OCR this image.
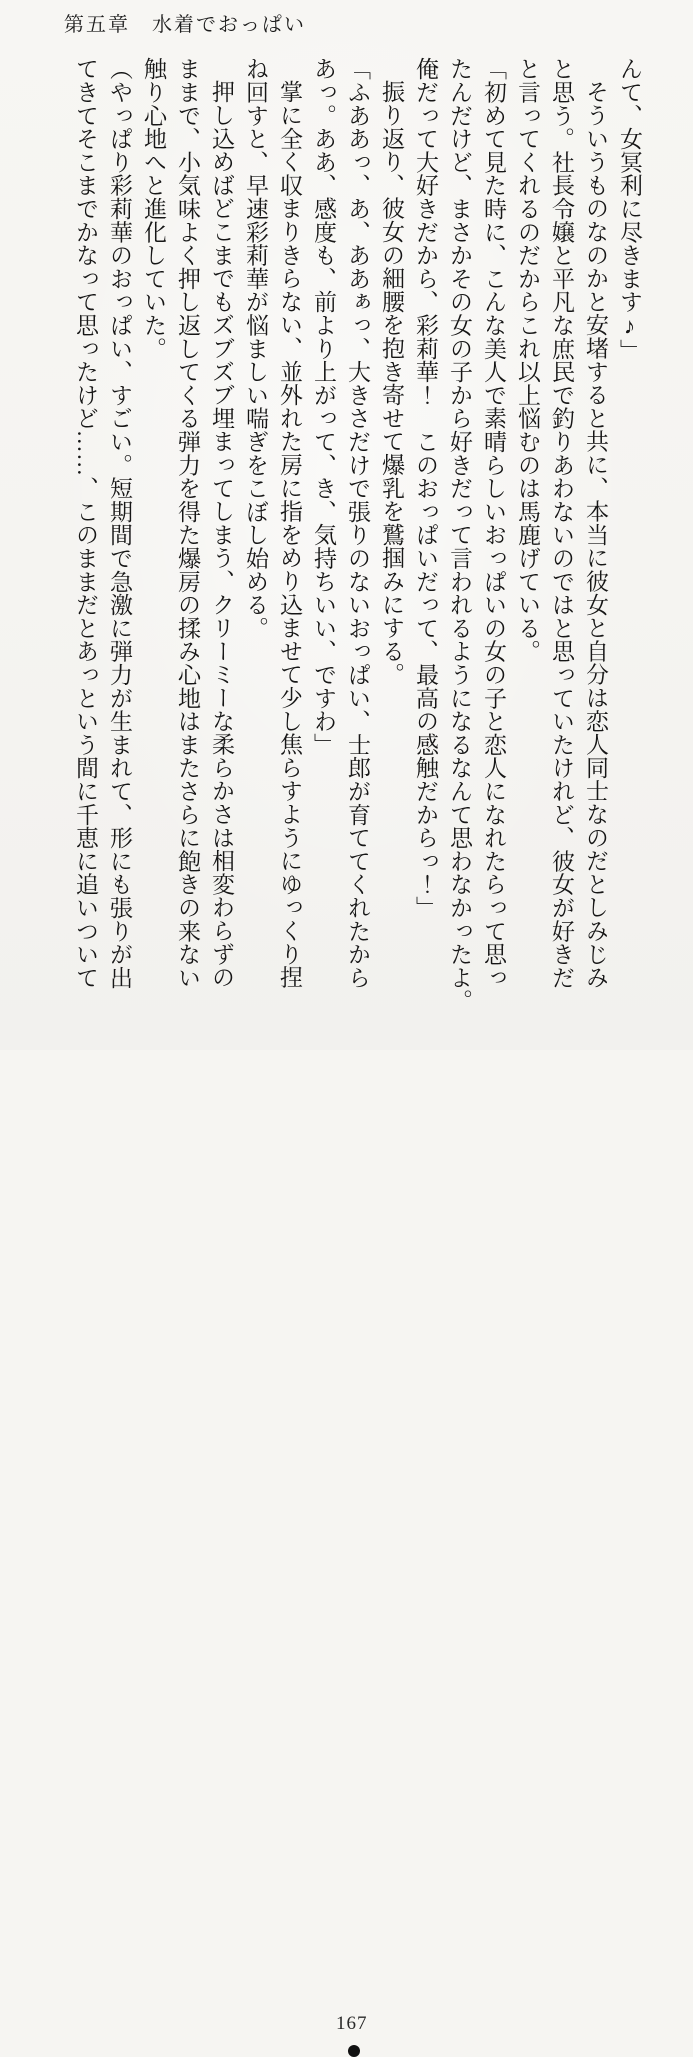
第五章　水着でおっぱい
んて、女冥利に尽きます♪」
そういうものなのかと安堵すると共に、本当に彼女と自分は恋人同士なのだとしみじみ
と思う。社長令嬢と平凡な庶民で釣りあわないのではと思っていたけれど、彼女が好きだ
と言ってくれるのだからこれ以上悩むのは馬鹿げている。
「初めて見た時に、こんな美人で素晴らしいおっぱいの女の子と恋人になれたらって思っ
たんだけど、まさかその女の子から好きだって言われるようになるなんて思わなかったよ。
俺だって大好きだから、彩莉華！　このおっぱいだって、最高の感触だからっ！」
振り返り、彼女の細腰を抱き寄せて爆乳を鷲掴みにする。
「ふああっ、あ、ああぁっ、大きさだけで張りのないおっぱい、士郎が育ててくれたから
あっ。ああ、感度も、前より上がって、き、気持ちいい、ですわ」
掌に全く収まりきらない、並外れた房に指をめり込ませて少し焦らすようにゆっくり捏
ね回すと、早速彩莉華が悩ましい喘ぎをこぼし始める。
押し込めばどこまでもズブズブ埋まってしまう、クリーミーな柔らかさは相変わらずの
ままで、小気味よく押し返してくる弾力を得た爆房の揉み心地はまたさらに飽きの来ない
触り心地へと進化していた。
（やっぱり彩莉華のおっぱい、すごい。短期間で急激に弾力が生まれて、形にも張りが出
てきてそこまでかなって思ったけど……、このままだとあっという間に千恵に追いついて
167
